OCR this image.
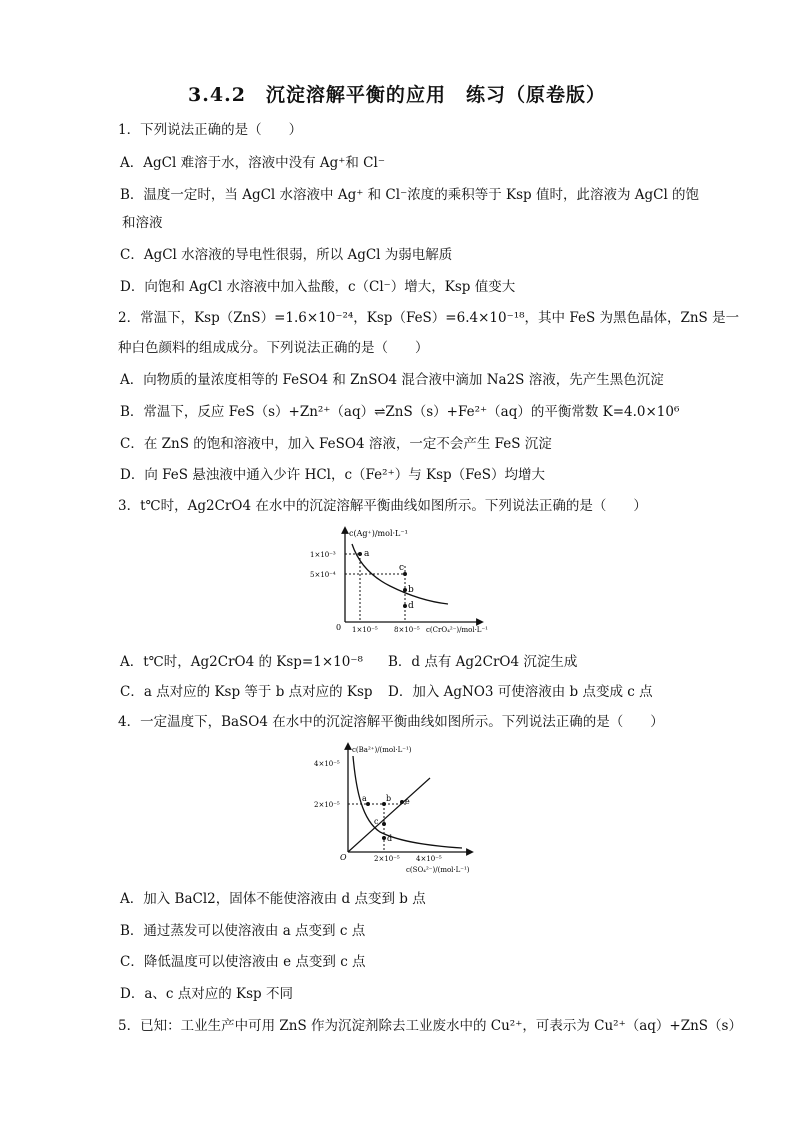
3.4.2　沉淀溶解平衡的应用　练习（原卷版）
1．下列说法正确的是（　　）
A．AgCl 难溶于水，溶液中没有 Ag⁺和 Cl⁻
B．温度一定时，当 AgCl 水溶液中 Ag⁺ 和 Cl⁻浓度的乘积等于 Ksp 值时，此溶液为 AgCl 的饱
和溶液
C．AgCl 水溶液的导电性很弱，所以 AgCl 为弱电解质
D．向饱和 AgCl 水溶液中加入盐酸，c（Cl⁻）增大，Ksp 值变大
2．常温下，Ksp（ZnS）=1.6×10⁻²⁴，Ksp（FeS）=6.4×10⁻¹⁸，其中 FeS 为黑色晶体，ZnS 是一
种白色颜料的组成成分。下列说法正确的是（　　）
A．向物质的量浓度相等的 FeSO4 和 ZnSO4 混合液中滴加 Na2S 溶液，先产生黑色沉淀
B．常温下，反应 FeS（s）+Zn²⁺（aq）⇌ZnS（s）+Fe²⁺（aq）的平衡常数 K=4.0×10⁶
C．在 ZnS 的饱和溶液中，加入 FeSO4 溶液，一定不会产生 FeS 沉淀
D．向 FeS 悬浊液中通入少许 HCl，c（Fe²⁺）与 Ksp（FeS）均增大
3．t℃时，Ag2CrO4 在水中的沉淀溶解平衡曲线如图所示。下列说法正确的是（　　）
c(Ag⁺)/mol·L⁻¹
1×10⁻³
5×10⁻⁴
0 1×10⁻⁵ 8×10⁻⁵ c(CrO₄²⁻)/mol·L⁻¹
a
c
b
d
A．t℃时，Ag2CrO4 的 Ksp=1×10⁻⁸ B．d 点有 Ag2CrO4 沉淀生成
C．a 点对应的 Ksp 等于 b 点对应的 Ksp D．加入 AgNO3 可使溶液由 b 点变成 c 点
4．一定温度下，BaSO4 在水中的沉淀溶解平衡曲线如图所示。下列说法正确的是（　　）
c(Ba²⁺)/(mol·L⁻¹)
4×10⁻⁵
2×10⁻⁵
O	2×10⁻⁵ 4×10⁻⁵
c(SO₄²⁻)/(mol·L⁻¹)
a b
c
d
e
A．加入 BaCl2，固体不能使溶液由 d 点变到 b 点
B．通过蒸发可以使溶液由 a 点变到 c 点
C．降低温度可以使溶液由 e 点变到 c 点
D．a、c 点对应的 Ksp 不同
5．已知：工业生产中可用 ZnS 作为沉淀剂除去工业废水中的 Cu²⁺，可表示为 Cu²⁺（aq）+ZnS（s）
